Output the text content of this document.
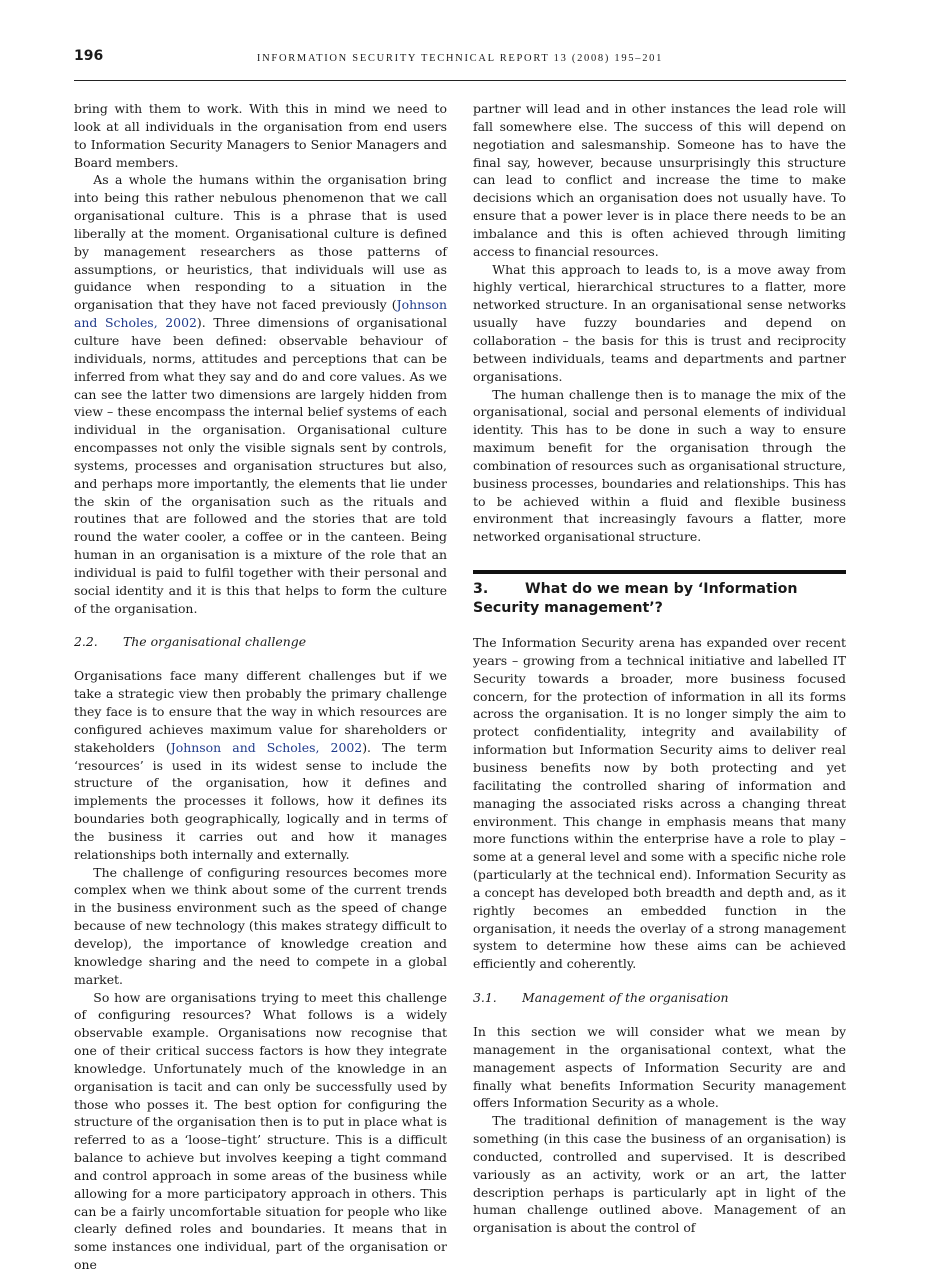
196	INFORMATION SECURITY TECHNICAL REPORT 13 (2008) 195–201

bring with them to work. With this in mind we need to look at all individuals in the organisation from end users to Information Security Managers to Senior Managers and Board members.

As a whole the humans within the organisation bring into being this rather nebulous phenomenon that we call organisational culture. This is a phrase that is used liberally at the moment. Organisational culture is defined by management researchers as those patterns of assumptions, or heuristics, that individuals will use as guidance when responding to a situation in the organisation that they have not faced previously (Johnson and Scholes, 2002). Three dimensions of organisational culture have been defined: observable behaviour of individuals, norms, attitudes and perceptions that can be inferred from what they say and do and core values. As we can see the latter two dimensions are largely hidden from view – these encompass the internal belief systems of each individual in the organisation. Organisational culture encompasses not only the visible signals sent by controls, systems, processes and organisation structures but also, and perhaps more importantly, the elements that lie under the skin of the organisation such as the rituals and routines that are followed and the stories that are told round the water cooler, a coffee or in the canteen. Being human in an organisation is a mixture of the role that an individual is paid to fulfil together with their personal and social identity and it is this that helps to form the culture of the organisation.

2.2. The organisational challenge

Organisations face many different challenges but if we take a strategic view then probably the primary challenge they face is to ensure that the way in which resources are configured achieves maximum value for shareholders or stakeholders (Johnson and Scholes, 2002). The term ‘resources’ is used in its widest sense to include the structure of the organisation, how it defines and implements the processes it follows, how it defines its boundaries both geographically, logically and in terms of the business it carries out and how it manages relationships both internally and externally.

The challenge of configuring resources becomes more complex when we think about some of the current trends in the business environment such as the speed of change because of new technology (this makes strategy difficult to develop), the importance of knowledge creation and knowledge sharing and the need to compete in a global market.

So how are organisations trying to meet this challenge of configuring resources? What follows is a widely observable example. Organisations now recognise that one of their critical success factors is how they integrate knowledge. Unfortunately much of the knowledge in an organisation is tacit and can only be successfully used by those who posses it. The best option for configuring the structure of the organisation then is to put in place what is referred to as a ‘loose–tight’ structure. This is a difficult balance to achieve but involves keeping a tight command and control approach in some areas of the business while allowing for a more participatory approach in others. This can be a fairly uncomfortable situation for people who like clearly defined roles and boundaries. It means that in some instances one individual, part of the organisation or one

partner will lead and in other instances the lead role will fall somewhere else. The success of this will depend on negotiation and salesmanship. Someone has to have the final say, however, because unsurprisingly this structure can lead to conflict and increase the time to make decisions which an organisation does not usually have. To ensure that a power lever is in place there needs to be an imbalance and this is often achieved through limiting access to financial resources.

What this approach to leads to, is a move away from highly vertical, hierarchical structures to a flatter, more networked structure. In an organisational sense networks usually have fuzzy boundaries and depend on collaboration – the basis for this is trust and reciprocity between individuals, teams and departments and partner organisations.

The human challenge then is to manage the mix of the organisational, social and personal elements of individual identity. This has to be done in such a way to ensure maximum benefit for the organisation through the combination of resources such as organisational structure, business processes, boundaries and relationships. This has to be achieved within a fluid and flexible business environment that increasingly favours a flatter, more networked organisational structure.

3.	What do we mean by ‘Information
Security management’?

The Information Security arena has expanded over recent years – growing from a technical initiative and labelled IT Security towards a broader, more business focused concern, for the protection of information in all its forms across the organisation. It is no longer simply the aim to protect confidentiality, integrity and availability of information but Information Security aims to deliver real business benefits now by both protecting and yet facilitating the controlled sharing of information and managing the associated risks across a changing threat environment. This change in emphasis means that many more functions within the enterprise have a role to play – some at a general level and some with a specific niche role (particularly at the technical end). Information Security as a concept has developed both breadth and depth and, as it rightly becomes an embedded function in the organisation, it needs the overlay of a strong management system to determine how these aims can be achieved efficiently and coherently.

3.1. Management of the organisation

In this section we will consider what we mean by management in the organisational context, what the management aspects of Information Security are and finally what benefits Information Security management offers Information Security as a whole.

The traditional definition of management is the way something (in this case the business of an organisation) is conducted, controlled and supervised. It is described variously as an activity, work or an art, the latter description perhaps is particularly apt in light of the human challenge outlined above. Management of an organisation is about the control of
